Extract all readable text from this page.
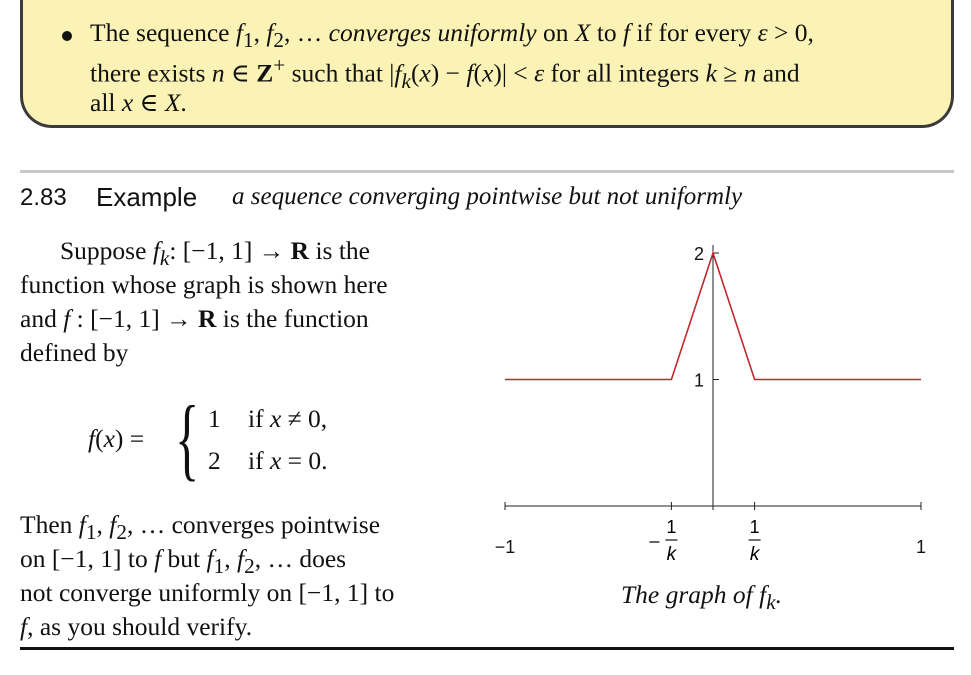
The sequence $f_1$, $f_2$, … converges uniformly on X to f if for every ε > 0,
there exists n ∈ Z+ such that $|f_k(x) - f(x)| < \varepsilon$ for all integers k ≥ n and
all x ∈ X.
2.83 Example a sequence converging pointwise but not uniformly
Suppose $f_k$: [−1, 1] → R is the
function whose graph is shown here
and f : [−1, 1] → R is the function
defined by
f(x) = { 1 if x ≠ 0,
2 if x = 0.
Then $f_1$, $f_2$, … converges pointwise
on [−1, 1] to f but $f_1$, $f_2$, … does
not converge uniformly on [−1, 1] to
f, as you should verify.
1
2
−1
1
k
1
k	1
The graph of $f_k$.
